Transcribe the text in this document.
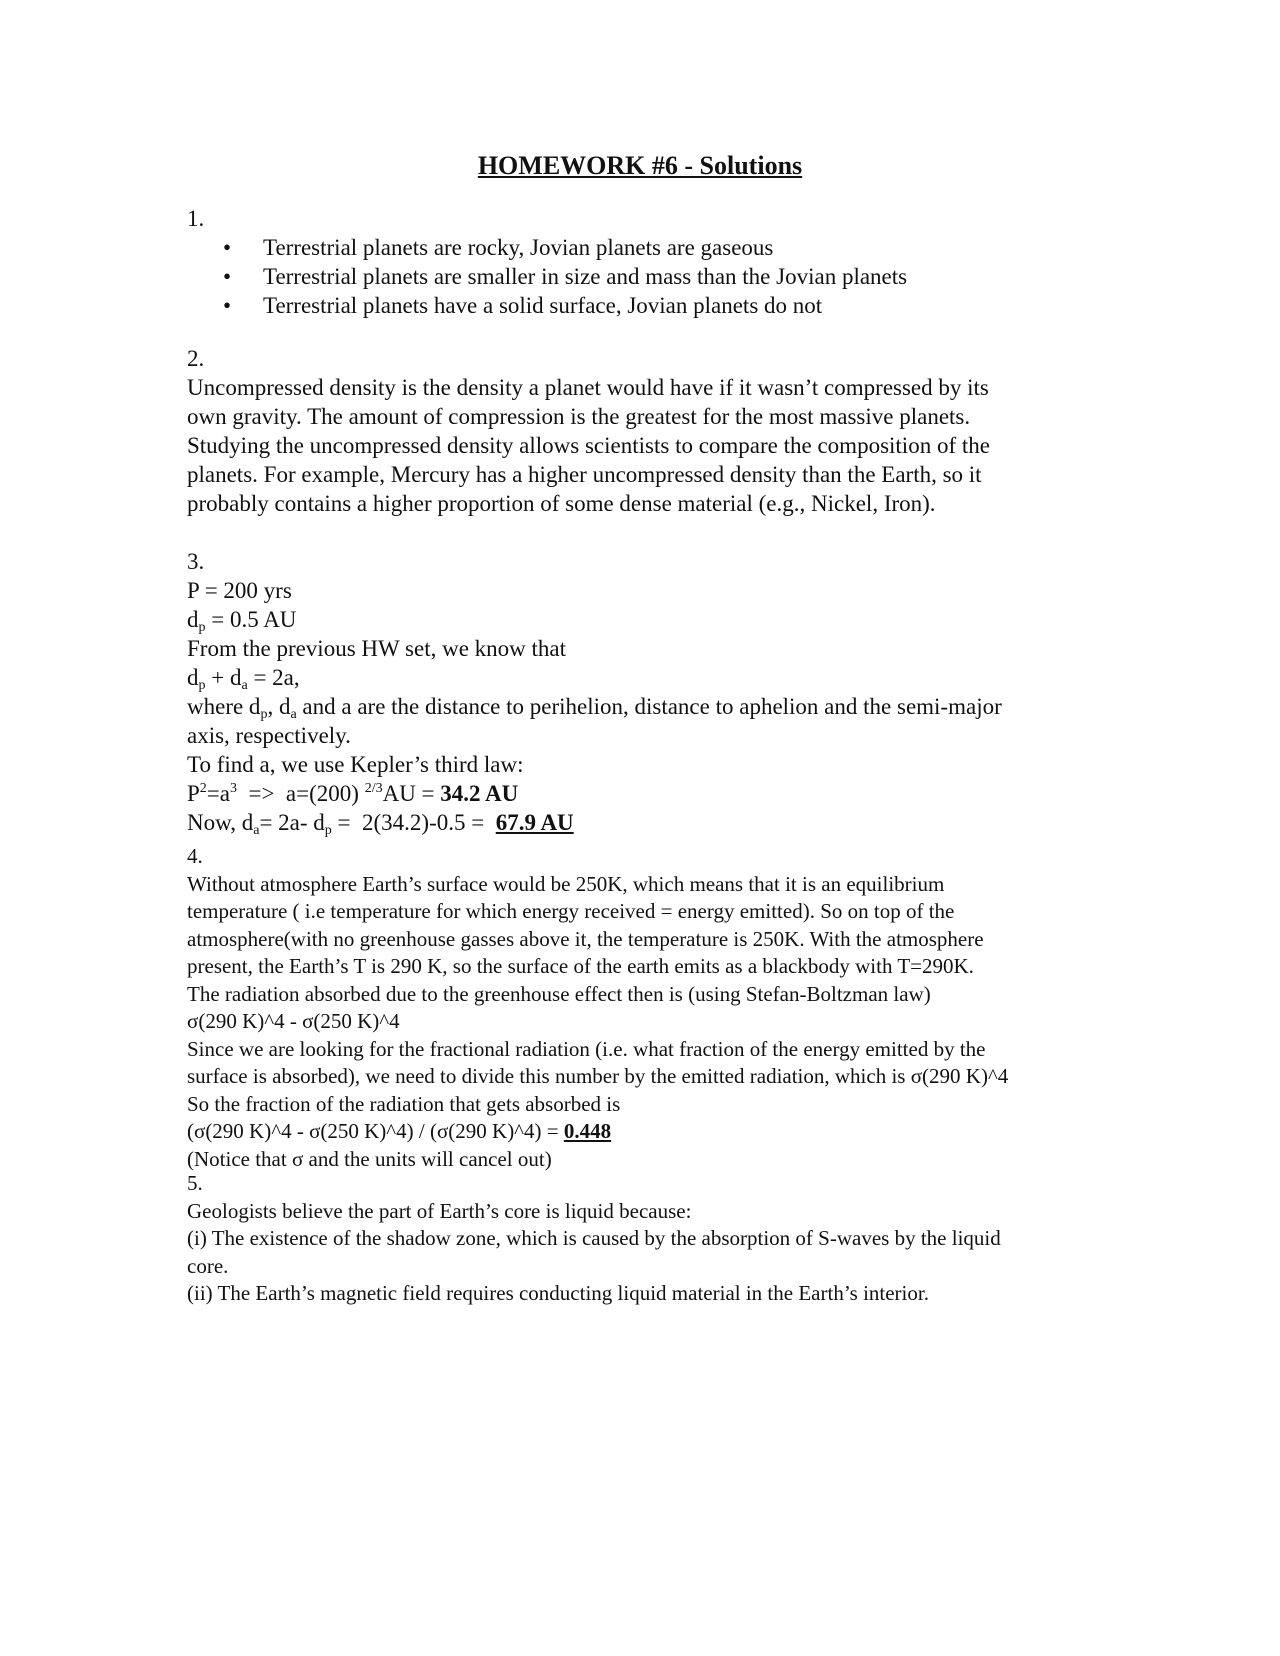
HOMEWORK #6 - Solutions
1.
• Terrestrial planets are rocky, Jovian planets are gaseous
• Terrestrial planets are smaller in size and mass than the Jovian planets
• Terrestrial planets have a solid surface, Jovian planets do not
2.
Uncompressed density is the density a planet would have if it wasn’t compressed by its
own gravity. The amount of compression is the greatest for the most massive planets.
Studying the uncompressed density allows scientists to compare the composition of the
planets. For example, Mercury has a higher uncompressed density than the Earth, so it
probably contains a higher proportion of some dense material (e.g., Nickel, Iron).
3.
P = 200 yrs
$d_p = 0.5$ AU
From the previous HW set, we know that
$d_p + d_a = 2a$,
where $d_p$, $d_a$ and a are the distance to perihelion, distance to aphelion and the semi-major
axis, respectively.
To find a, we use Kepler’s third law:
$P^2=a^3 => a=(200) ^{2/3}AU = 34.2$ AU
Now, $d_a= 2a-$ $d_p = 2(34.2)-0.5 = 67.9$ AU
4.
Without atmosphere Earth’s surface would be 250K, which means that it is an equilibrium
temperature ( i.e temperature for which energy received = energy emitted). So on top of the
atmosphere(with no greenhouse gasses above it, the temperature is 250K. With the atmosphere
present, the Earth’s T is 290 K, so the surface of the earth emits as a blackbody with T=290K.
The radiation absorbed due to the greenhouse effect then is (using Stefan-Boltzman law)
σ(290 K)^4 - σ(250 K)^4
Since we are looking for the fractional radiation (i.e. what fraction of the energy emitted by the
surface is absorbed), we need to divide this number by the emitted radiation, which is σ(290 K)^4
So the fraction of the radiation that gets absorbed is
(σ(290 K)^4 - σ(250 K)^4) / (σ(290 K)^4) = 0.448
(Notice that σ and the units will cancel out)
5.
Geologists believe the part of Earth’s core is liquid because:
(i) The existence of the shadow zone, which is caused by the absorption of S-waves by the liquid
core.
(ii) The Earth’s magnetic field requires conducting liquid material in the Earth’s interior.
